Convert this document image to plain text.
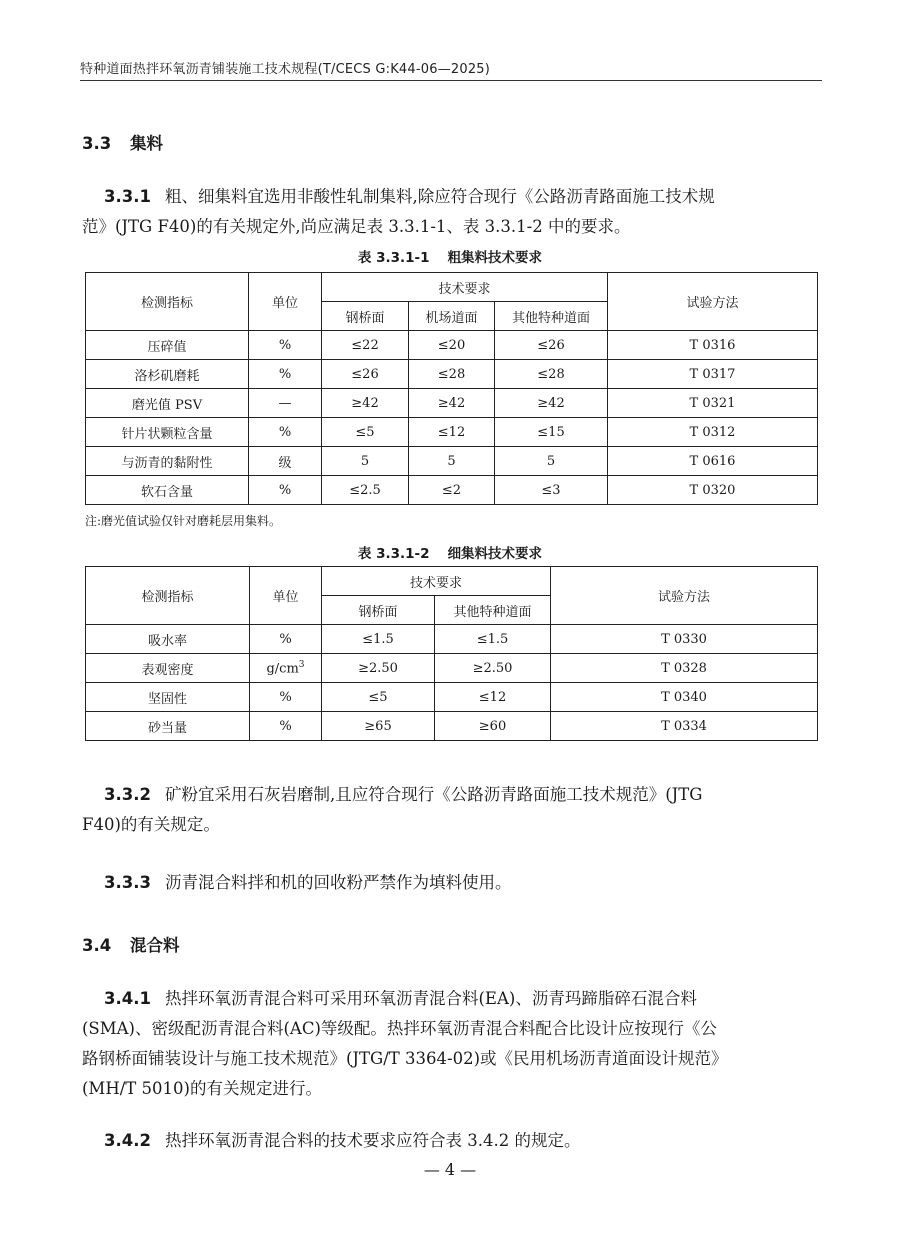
特种道面热拌环氧沥青铺装施工技术规程(T/CECS G:K44-06—2025)
3.3 集料
3.3.1 粗、细集料宜选用非酸性轧制集料,除应符合现行《公路沥青路面施工技术规
范》(JTG F40)的有关规定外,尚应满足表 3.3.1-1、表 3.3.1-2 中的要求。
表 3.3.1-1 粗集料技术要求
检测指标	单位	技术要求			试验方法
		钢桥面	机场道面	其他特种道面	
压碎值	%	≤22	≤20	≤26	T 0316
洛杉矶磨耗	%	≤26	≤28	≤28	T 0317
磨光值 PSV	—	≥42	≥42	≥42	T 0321
针片状颗粒含量	%	≤5	≤12	≤15	T 0312
与沥青的黏附性	级	5	5	5	T 0616
软石含量	%	≤2.5	≤2	≤3	T 0320
注:磨光值试验仅针对磨耗层用集料。
表 3.3.1-2 细集料技术要求
检测指标	单位	技术要求		试验方法
		钢桥面	其他特种道面	
吸水率	%	≤1.5	≤1.5	T 0330
表观密度	$g/cm^3$	≥2.50	≥2.50	T 0328
坚固性	%	≤5	≤12	T 0340
砂当量	%	≥65	≥60	T 0334
3.3.2 矿粉宜采用石灰岩磨制,且应符合现行《公路沥青路面施工技术规范》(JTG
F40)的有关规定。
3.3.3 沥青混合料拌和机的回收粉严禁作为填料使用。
3.4 混合料
3.4.1 热拌环氧沥青混合料可采用环氧沥青混合料(EA)、沥青玛蹄脂碎石混合料
(SMA)、密级配沥青混合料(AC)等级配。热拌环氧沥青混合料配合比设计应按现行《公
路钢桥面铺装设计与施工技术规范》(JTG/T 3364-02)或《民用机场沥青道面设计规范》
(MH/T 5010)的有关规定进行。
3.4.2 热拌环氧沥青混合料的技术要求应符合表 3.4.2 的规定。
— 4 —
